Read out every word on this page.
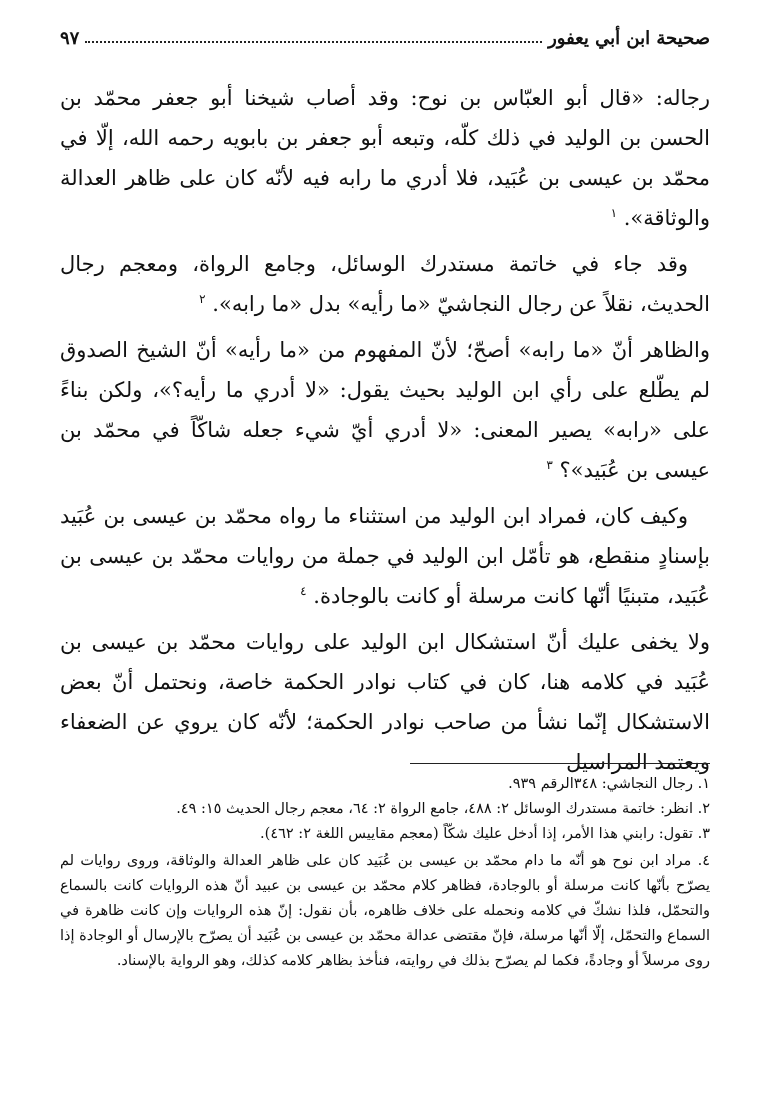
صحيحة ابن أبي يعفور
٩٧

رجاله: «قال أبو العبّاس بن نوح: وقد أصاب شيخنا أبو جعفر محمّد بن الحسن بن الوليد في ذلك كلّه، وتبعه أبو جعفر بن بابويه رحمه الله، إلّا في محمّد بن عيسى بن عُبَيد، فلا أدري ما رابه فيه لأنّه كان على ظاهر العدالة والوثاقة». $^١$

وقد جاء في خاتمة مستدرك الوسائل، وجامع الرواة، ومعجم رجال الحديث، نقلاً عن رجال النجاشيّ «ما رأيه» بدل «ما رابه». $^٢$

والظاهر أنّ «ما رابه» أصحّ؛ لأنّ المفهوم من «ما رأيه» أنّ الشيخ الصدوق لم يطّلع على رأي ابن الوليد بحيث يقول: «لا أدري ما رأيه؟»، ولكن بناءً على «رابه» يصير المعنى: «لا أدري أيّ شيء جعله شاكّاً في محمّد بن عيسى بن عُبَيد»؟ $^٣$

وكيف كان، فمراد ابن الوليد من استثناء ما رواه محمّد بن عيسى بن عُبَيد بإسنادٍ منقطع، هو تأمّل ابن الوليد في جملة من روايات محمّد بن عيسى بن عُبَيد، متبنيًا أنّها كانت مرسلة أو كانت بالوجادة. $^٤$

ولا يخفى عليك أنّ استشكال ابن الوليد على روايات محمّد بن عيسى بن عُبَيد في كلامه هنا، كان في كتاب نوادر الحكمة خاصة، ونحتمل أنّ بعض الاستشكال إنّما نشأ من صاحب نوادر الحكمة؛ لأنّه كان يروي عن الضعفاء ويعتمد المراسيل

١. رجال النجاشي: ٣٤٨الرقم ٩٣٩.

٢. انظر: خاتمة مستدرك الوسائل ٢: ٤٨٨، جامع الرواة ٢: ٦٤، معجم رجال الحديث ١٥: ٤٩.

٣. تقول: رابني هذا الأمر، إذا أدخل عليك شكّاً (معجم مقاييس اللغة ٢: ٤٦٢).

٤. مراد ابن نوح هو أنّه ما دام محمّد بن عيسى بن عُبَيد كان على ظاهر العدالة والوثاقة، وروى روايات لم يصرّح بأنّها كانت مرسلة أو بالوجادة، فظاهر كلام محمّد بن عيسى بن عبيد أنّ هذه الروايات كانت بالسماع والتحمّل، فلذا نشكّ في كلامه ونحمله على خلاف ظاهره، بأن نقول: إنّ هذه الروايات وإن كانت ظاهرة في السماع والتحمّل، إلّا أنّها مرسلة، فإنّ مقتضى عدالة محمّد بن عيسى بن عُبَيد أن يصرّح بالإرسال أو الوجادة إذا روى مرسلاً أو وجادةً، فكما لم يصرّح بذلك في روايته، فنأخذ بظاهر كلامه كذلك، وهو الرواية بالإسناد.
